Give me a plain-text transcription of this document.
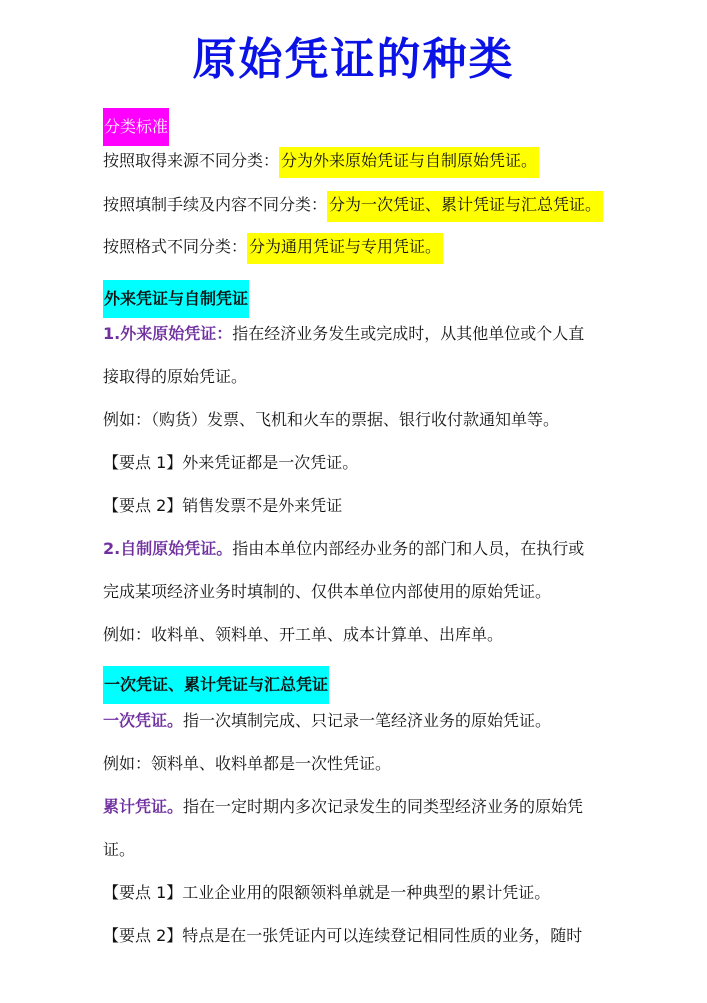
原始凭证的种类
分类标准
按照取得来源不同分类： 分为外来原始凭证与自制原始凭证。
按照填制手续及内容不同分类： 分为一次凭证、累计凭证与汇总凭证。
按照格式不同分类： 分为通用凭证与专用凭证。
外来凭证与自制凭证
1.外来原始凭证：指在经济业务发生或完成时，从其他单位或个人直
接取得的原始凭证。
例如：（购货）发票、飞机和火车的票据、银行收付款通知单等。
【要点 1】外来凭证都是一次凭证。
【要点 2】销售发票不是外来凭证
2.自制原始凭证。指由本单位内部经办业务的部门和人员，在执行或
完成某项经济业务时填制的、仅供本单位内部使用的原始凭证。
例如：收料单、领料单、开工单、成本计算单、出库单。
一次凭证、累计凭证与汇总凭证
一次凭证。指一次填制完成、只记录一笔经济业务的原始凭证。
例如：领料单、收料单都是一次性凭证。
累计凭证。指在一定时期内多次记录发生的同类型经济业务的原始凭
证。
【要点 1】工业企业用的限额领料单就是一种典型的累计凭证。
【要点 2】特点是在一张凭证内可以连续登记相同性质的业务，随时
